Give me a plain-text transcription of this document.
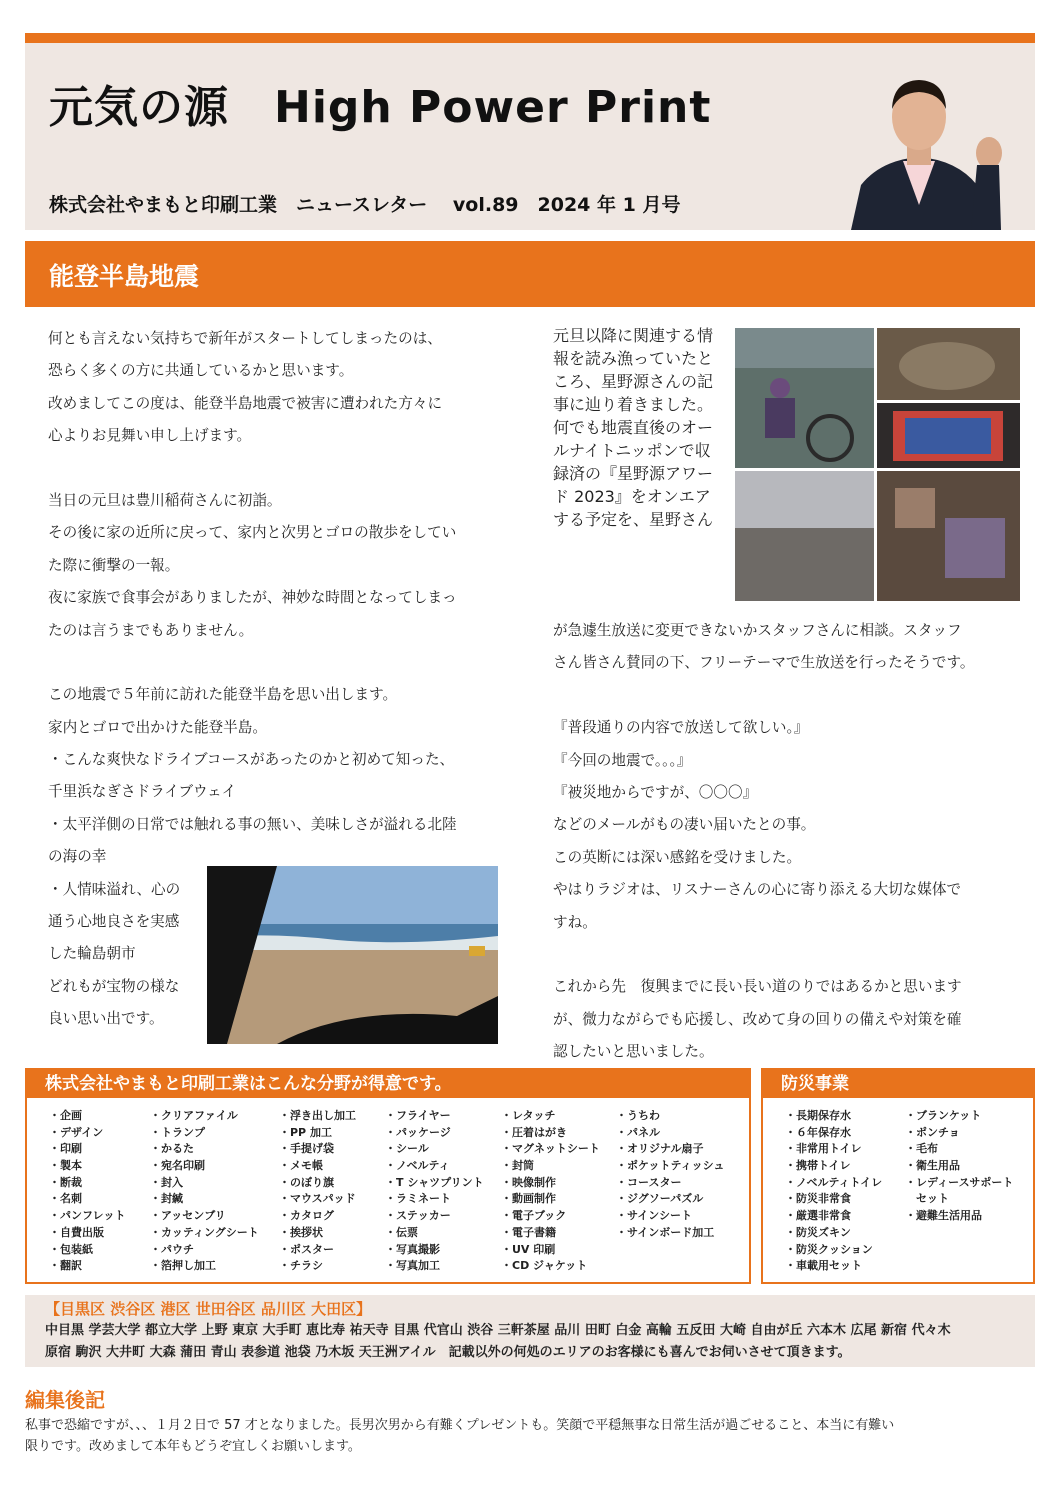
元気の源　High Power Print
株式会社やまもと印刷工業　ニュースレター　 vol.89　2024 年 1 月号
能登半島地震

何とも言えない気持ちで新年がスタートしてしまったのは、

恐らく多くの方に共通しているかと思います。

改めましてこの度は、能登半島地震で被害に遭われた方々に

心よりお見舞い申し上げます。

当日の元旦は豊川稲荷さんに初詣。

その後に家の近所に戻って、家内と次男とゴロの散歩をしてい

た際に衝撃の一報。

夜に家族で食事会がありましたが、神妙な時間となってしまっ

たのは言うまでもありません。

この地震で５年前に訪れた能登半島を思い出します。

家内とゴロで出かけた能登半島。

・こんな爽快なドライブコースがあったのかと初めて知った、

千里浜なぎさドライブウェイ

・太平洋側の日常では触れる事の無い、美味しさが溢れる北陸

の海の幸

・人情味溢れ、心の

通う心地良さを実感

した輪島朝市

どれもが宝物の様な

良い思い出です。

元旦以降に関連する情

報を読み漁っていたと

ころ、星野源さんの記

事に辿り着きました。

何でも地震直後のオー

ルナイトニッポンで収

録済の『星野源アワー

ド 2023』をオンエア

する予定を、星野さん

が急遽生放送に変更できないかスタッフさんに相談。スタッフ

さん皆さん賛同の下、フリーテーマで生放送を行ったそうです。

『普段通りの内容で放送して欲しい。』

『今回の地震で。。。』

『被災地からですが、〇〇〇』

などのメールがもの凄い届いたとの事。

この英断には深い感銘を受けました。

やはりラジオは、リスナーさんの心に寄り添える大切な媒体で

すね。

これから先　復興までに長い長い道のりではあるかと思います

が、微力ながらでも応援し、改めて身の回りの備えや対策を確

認したいと思いました。

株式会社やまもと印刷工業はこんな分野が得意です。
・企画
・デザイン
・印刷
・製本
・断裁
・名刺
・パンフレット
・自費出版
・包装紙
・翻訳
・クリアファイル
・トランプ
・かるた
・宛名印刷
・封入
・封緘
・アッセンブリ
・カッティングシート
・パウチ
・箔押し加工
・浮き出し加工
・PP 加工
・手提げ袋
・メモ帳
・のぼり旗
・マウスパッド
・カタログ
・挨拶状
・ポスター
・チラシ
・フライヤー
・パッケージ
・シール
・ノベルティ
・T シャツプリント
・ラミネート
・ステッカー
・伝票
・写真撮影
・写真加工
・レタッチ
・圧着はがき
・マグネットシート
・封筒
・映像制作
・動画制作
・電子ブック
・電子書籍
・UV 印刷
・CD ジャケット
・うちわ
・パネル
・オリジナル扇子
・ポケットティッシュ
・コースター
・ジグソーパズル
・サインシート
・サインボード加工
防災事業
・長期保存水
・６年保存水
・非常用トイレ
・携帯トイレ
・ノベルティトイレ
・防災非常食
・厳選非常食
・防災ズキン
・防災クッション
・車載用セット
・ブランケット
・ポンチョ
・毛布
・衛生用品
・レディースサポート
　セット
・避難生活用品
【目黒区 渋谷区 港区 世田谷区 品川区 大田区】
中目黒 学芸大学 都立大学 上野 東京 大手町 恵比寿 祐天寺 目黒 代官山 渋谷 三軒茶屋 品川 田町 白金 高輪 五反田 大崎 自由が丘 六本木 広尾 新宿 代々木
原宿 駒沢 大井町 大森 蒲田 青山 表参道 池袋 乃木坂 天王洲アイル　記載以外の何処のエリアのお客様にも喜んでお伺いさせて頂きます。
編集後記

私事で恐縮ですが、、、１月２日で 57 才となりました。長男次男から有難くプレゼントも。笑顔で平穏無事な日常生活が過ごせること、本当に有難い

限りです。改めまして本年もどうぞ宜しくお願いします。
